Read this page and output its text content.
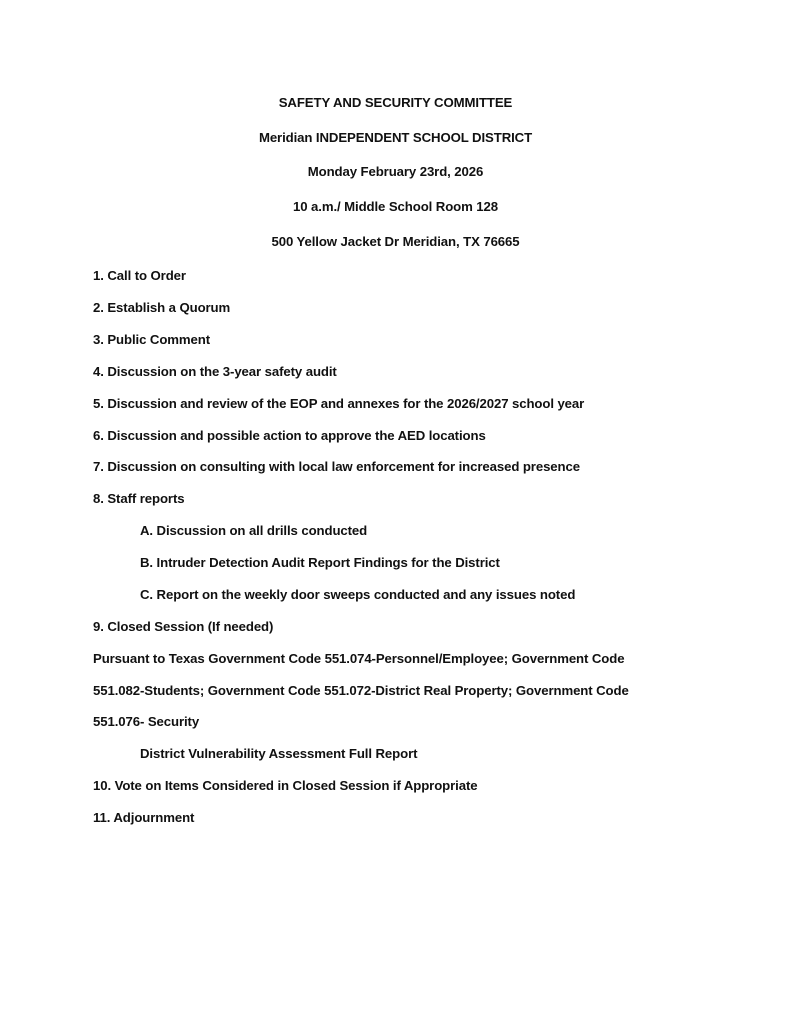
SAFETY AND SECURITY COMMITTEE
Meridian INDEPENDENT SCHOOL DISTRICT
Monday February 23rd, 2026
10 a.m./ Middle School Room 128
500 Yellow Jacket Dr Meridian, TX 76665
1. Call to Order
2. Establish a Quorum
3. Public Comment
4. Discussion on the 3-year safety audit
5. Discussion and review of the EOP and annexes for the 2026/2027 school year
6. Discussion and possible action to approve the AED locations
7. Discussion on consulting with local law enforcement for increased presence
8. Staff reports
A. Discussion on all drills conducted
B. Intruder Detection Audit Report Findings for the District
C. Report on the weekly door sweeps conducted and any issues noted
9. Closed Session (If needed)
Pursuant to Texas Government Code 551.074-Personnel/Employee; Government Code
551.082-Students; Government Code 551.072-District Real Property; Government Code
551.076- Security
District Vulnerability Assessment Full Report
10. Vote on Items Considered in Closed Session if Appropriate
11. Adjournment
